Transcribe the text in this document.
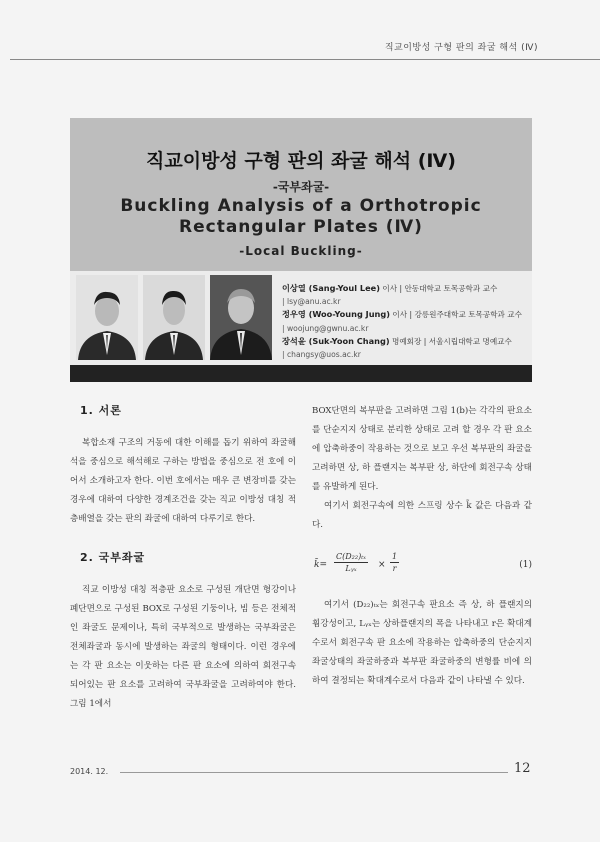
직교이방성 구형 판의 좌굴 해석 (Ⅳ)
직교이방성 구형 판의 좌굴 해석 (Ⅳ)
-국부좌굴-
Buckling Analysis of a Orthotropic
Rectangular Plates (Ⅳ)
-Local Buckling-
이상열 (Sang-Youl Lee) 이사 | 안동대학교 토목공학과 교수
| lsy@anu.ac.kr
정우영 (Woo-Young Jung) 이사 | 강릉원주대학교 토목공학과 교수
| woojung@gwnu.ac.kr
장석윤 (Suk-Yoon Chang) 명예회장 | 서울시립대학교 명예교수
| changsy@uos.ac.kr
1. 서론

복합소재 구조의 거동에 대한 이해를 돕기 위하여 좌굴해석을 중심으로 해석해로 구하는 방법을 중심으로 전 호에 이어서 소개하고자 한다. 이번 호에서는 매우 큰 변장비를 갖는 경우에 대하여 다양한 경계조건을 갖는 직교 이방성 대칭 적층배열을 갖는 판의 좌굴에 대하여 다루기로 한다.

2. 국부좌굴

직교 이방성 대칭 적층판 요소로 구성된 개단면 형강이나 폐단면으로 구성된 BOX로 구성된 기둥이나, 빔 등은 전체적인 좌굴도 문제이나, 특히 국부적으로 발생하는 국부좌굴은 전체좌굴과 동시에 발생하는 좌굴의 형태이다. 이런 경우에는 각 판 요소는 이웃하는 다른 판 요소에 의하여 회전구속 되어있는 판 요소를 고려하여 국부좌굴을 고려하여야 한다. 그림 1에서

BOX단면의 복부판을 고려하면 그림 1(b)는 각각의 판요소를 단순지지 상태로 분리한 상태로 고려 할 경우 각 판 요소에 압축하중이 작용하는 것으로 보고 우선 복부판의 좌굴을 고려하면 상, 하 플랜지는 복부판 상, 하단에 회전구속 상태를 유발하게 된다.

여기서 회전구속에 의한 스프링 상수 k̃ 값은 다음과 같다.

k̃=
C(D₂₂)ₜₓ
Lᵧₓ	× $\frac{1}{r}$	(1)

여기서 (D₂₂)ₜₓ는 회전구속 판요소 즉 상, 하 플랜지의 휨강성이고, Lᵧₓ는 상하플랜지의 폭을 나타내고 r은 확대계수로서 회전구속 판 요소에 작용하는 압축하중의 단순지지 좌굴상태의 좌굴하중과 복부판 좌굴하중의 변형률 비에 의하여 결정되는 확대계수로서 다음과 같이 나타낼 수 있다.

2014. 12.	12
